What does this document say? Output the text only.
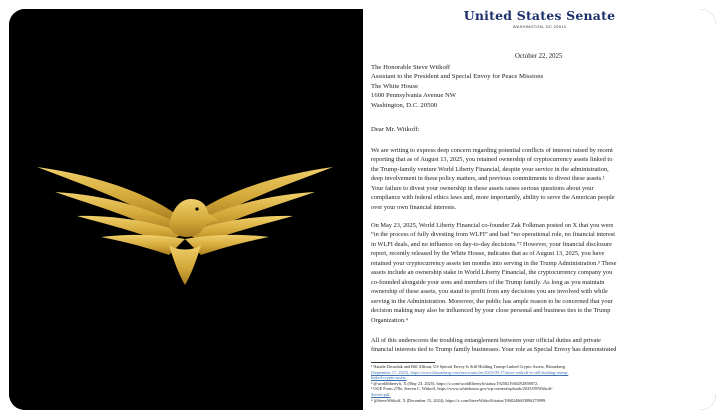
United States Senate
WASHINGTON, DC 20510
October 22, 2025
The Honorable Steve Witkoff
Assistant to the President and Special Envoy for Peace Missions
The White House
1600 Pennsylvania Avenue NW
Washington, D.C. 20500
Dear Mr. Witkoff:

We are writing to express deep concern regarding potential conflicts of interest raised by recent

reporting that as of August 13, 2025, you retained ownership of cryptocurrency assets linked to

the Trump-family venture World Liberty Financial, despite your service in the administration,

deep involvement in these policy matters, and previous commitments to divest these assets.¹

Your failure to divest your ownership in these assets raises serious questions about your

compliance with federal ethics laws and, more importantly, ability to serve the American people

over your own financial interests.

On May 23, 2025, World Liberty Financial co-founder Zak Folkman posted on X that you were

“in the process of fully divesting from WLFI” and had “no operational role, no financial interest

in WLFI deals, and no influence on day-to-day decisions.”² However, your financial disclosure

report, recently released by the White House, indicates that as of August 13, 2025, you have

retained your cryptocurrency assets ten months into serving in the Trump Administration.³ These

assets include an ownership stake in World Liberty Financial, the cryptocurrency company you

co-founded alongside your sons and members of the Trump family. As long as you maintain

ownership of these assets, you stand to profit from any decisions you are involved with while

serving in the Administration. Moreover, the public has ample reason to be concerned that your

decision making may also be influenced by your close personal and business ties to the Trump

Organization.⁴

All of this underscores the troubling entanglement between your official duties and private

financial interests tied to Trump family businesses. Your role as Special Envoy has demonstrated

¹ Natalie Drozdiak and Bill Allison, US Special Envoy Is Still Holding Trump-Linked Crypto Assets, Bloomberg
(September 17, 2025), https://www.bloomberg.com/news/articles/2025-09-17/steve-witkoff-is-still-holding-trump-
linked-crypto-assets.
² @worldlibertyfi, X (May 23, 2025), https://x.com/worldlibertyfi/status/1925821940292858872.
³ OGE Form 278e, Steven C. Witkoff, https://www.whitehouse.gov/wp-content/uploads/2025/09/Witkoff-
Steven.pdf.
⁴ @SteveWitkoff, X (December 15, 2024), https://x.com/SteveWitkoff/status/1868246603896270999.
